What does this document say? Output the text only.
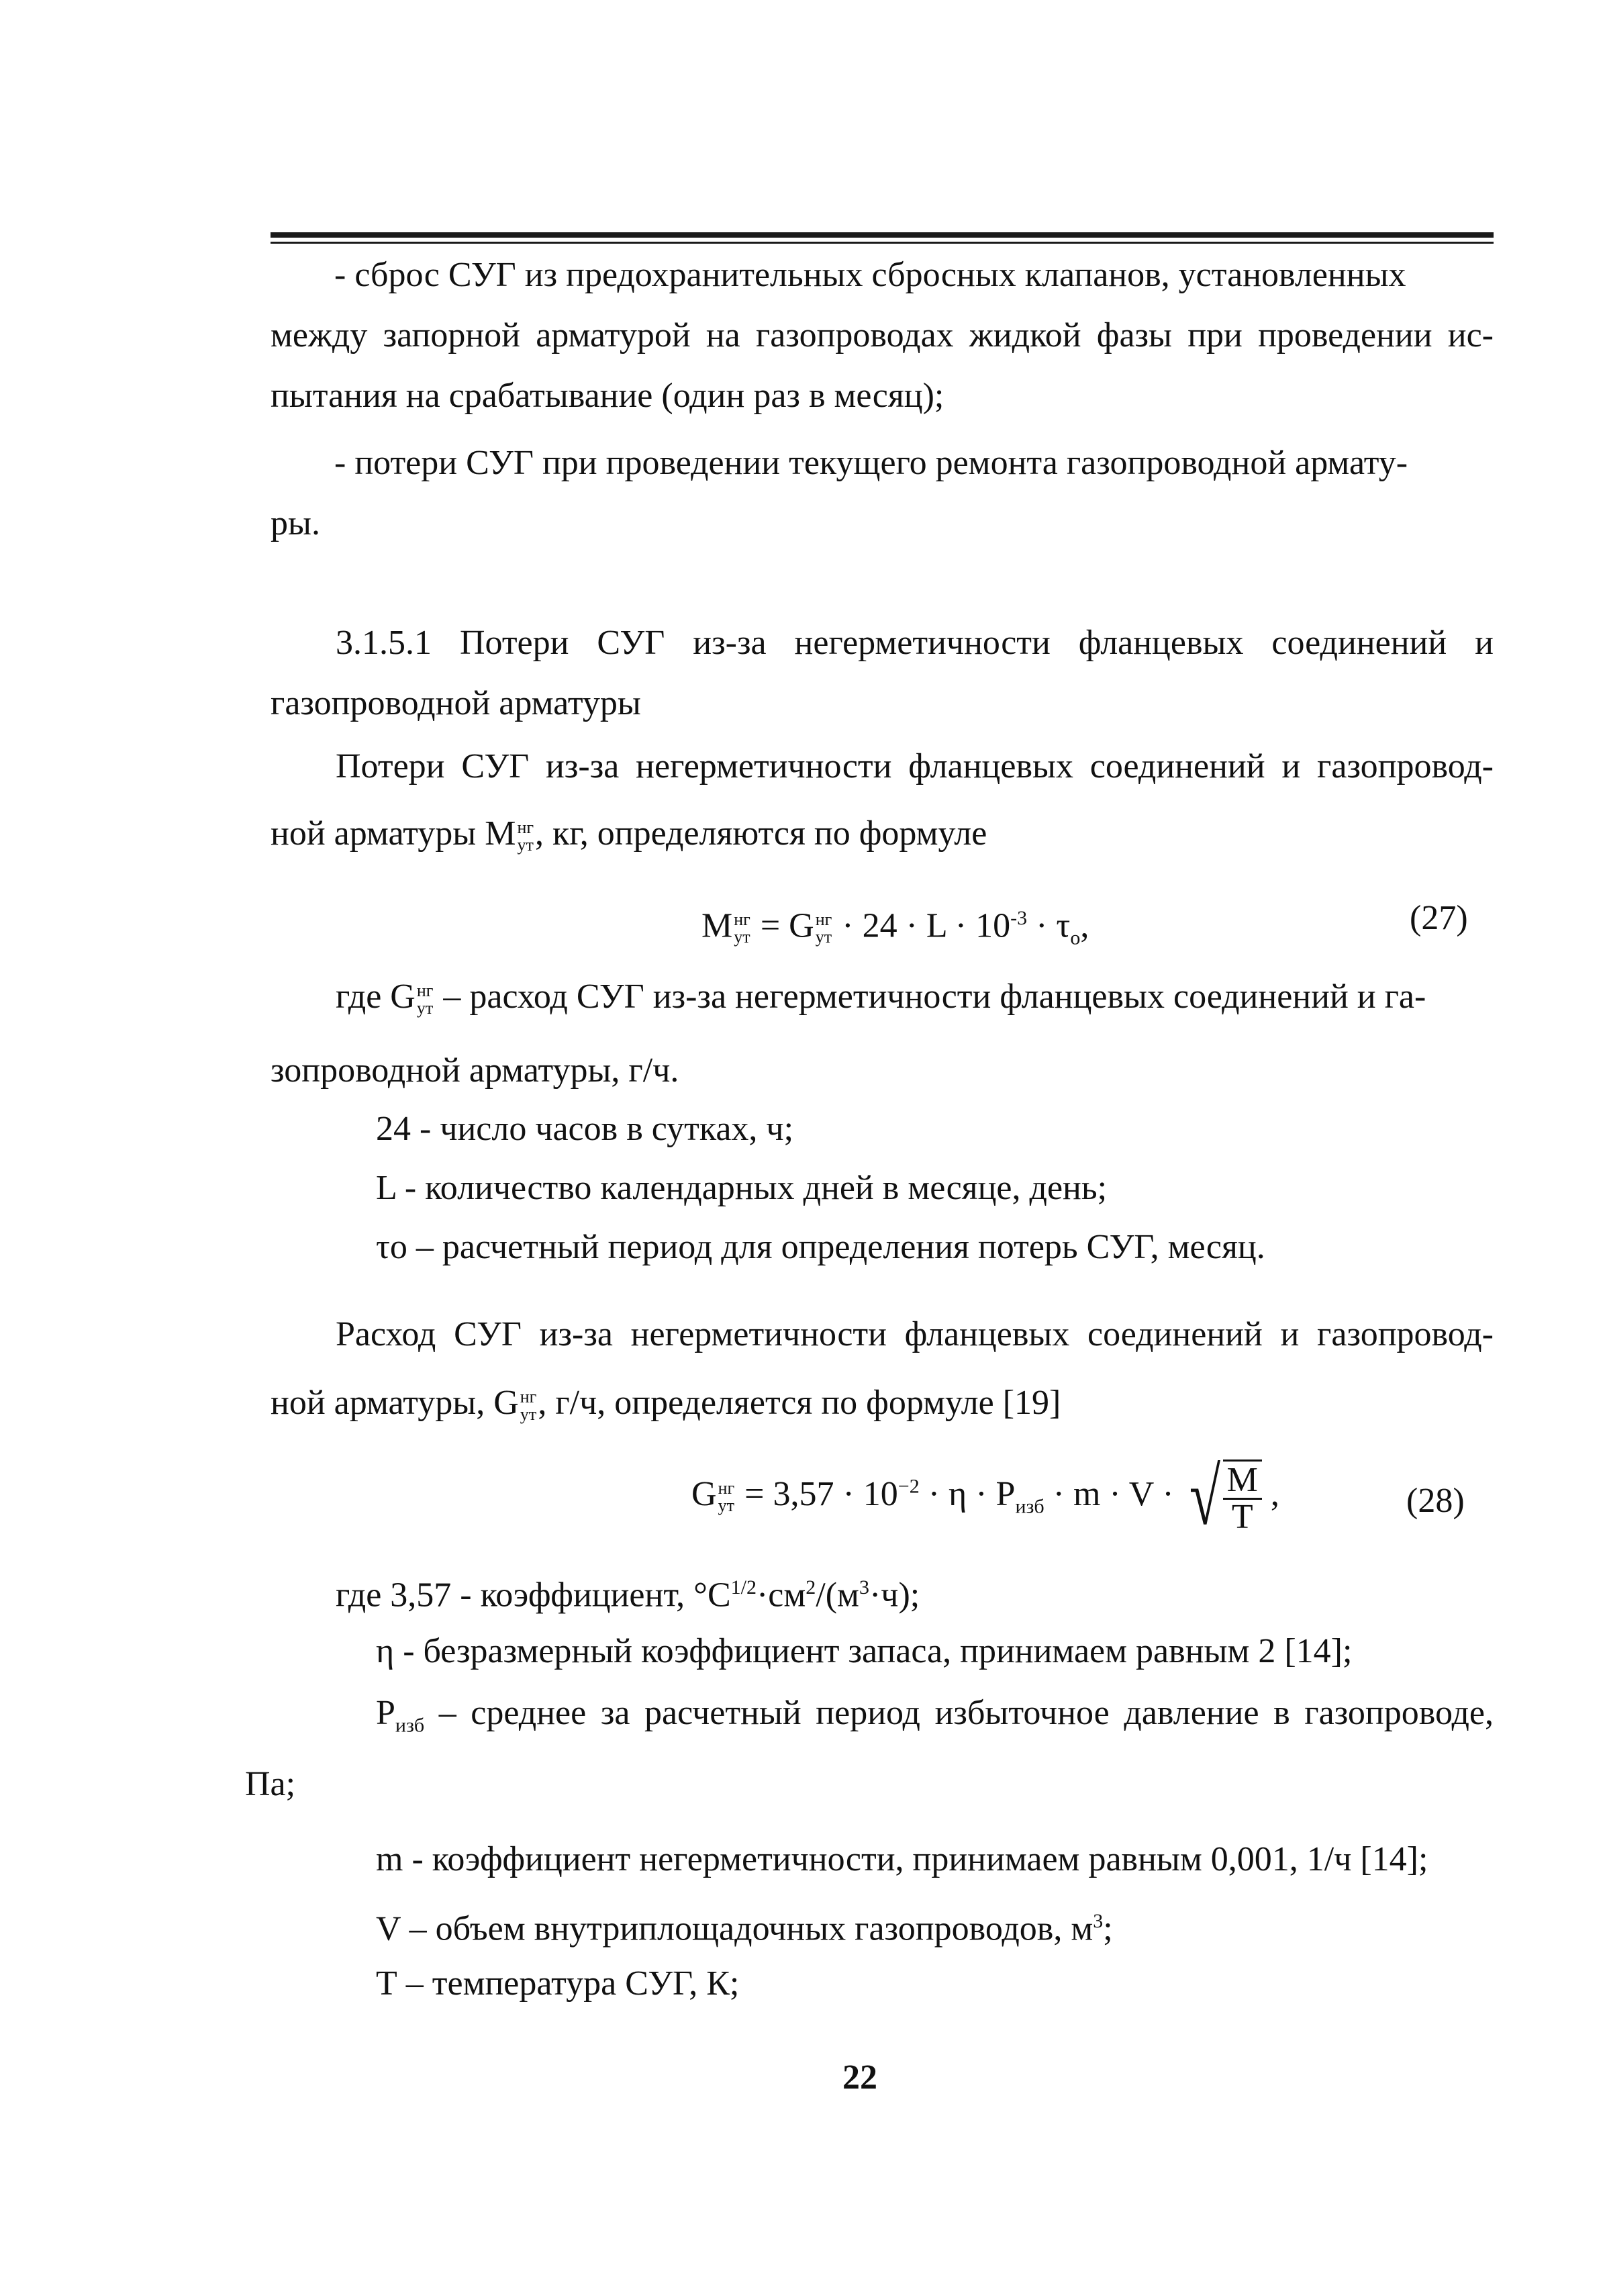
- сброс СУГ из предохранительных сбросных клапанов, установленных
между запорной арматурой на газопроводах жидкой фазы при проведении ис-
пытания на срабатывание (один раз в месяц);
- потери СУГ при проведении текущего ремонта газопроводной армату-
ры.
3.1.5.1 Потери СУГ из-за негерметичности фланцевых соединений и
газопроводной арматуры
Потери СУГ из-за негерметичности фланцевых соединений и газопровод-
ной арматуры М нг
ут , кг, определяются по формуле
М нг
ут = G нг
ут · $24 \cdot L \cdot 10^{-3} \cdot \tau_о$,	(27)
где G нг
ут – расход СУГ из-за негерметичности фланцевых соединений и га-
зопроводной арматуры, г/ч.
24 - число часов в сутках, ч;
L - количество календарных дней в месяце, день;
τо – расчетный период для определения потерь СУГ, месяц.
Расход СУГ из-за негерметичности фланцевых соединений и газопровод-
ной арматуры, G нг
ут , г/ч, определяется по формуле [19]
G нг
ут = $3,57 \cdot 10^{-2} \cdot \eta \cdot P_{изб} \cdot m \cdot V$ · √ $\frac{M}{T}$ ,	(28)
где 3,57 - коэффициент, $^\circ С^{1/2}\cdot см^2/(м^3\cdot ч)$;
η - безразмерный коэффициент запаса, принимаем равным 2 [14];
$P_{изб}$ – среднее за расчетный период избыточное давление в газопроводе,
Па;
m - коэффициент негерметичности, принимаем равным 0,001, 1/ч [14];
V – объем внутриплощадочных газопроводов, $м^3$;
Т – температура СУГ, К;
22
